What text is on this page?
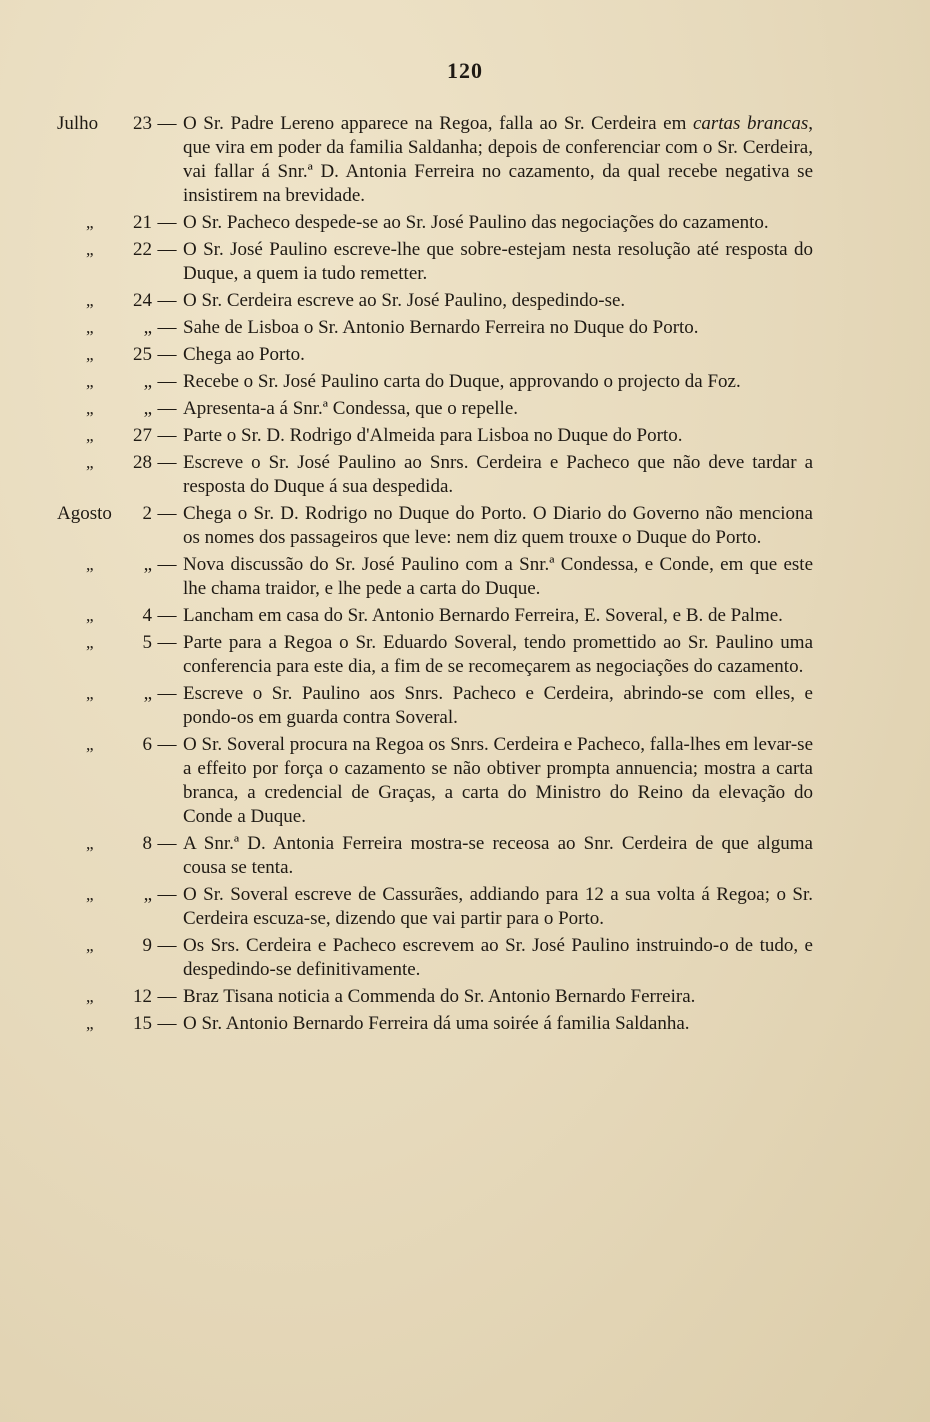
120
Julho	23 — O Sr. Padre Lereno apparece na Regoa, falla ao Sr. Cerdeira em cartas brancas, que vira em poder da familia Saldanha; depois de conferenciar com o Sr. Cerdeira, vai fallar á Snr.ª D. Antonia Ferreira no cazamento, da qual recebe negativa se insistirem na brevidade.
„	21 — O Sr. Pacheco despede-se ao Sr. José Paulino das negociações do cazamento.
„	22 — O Sr. José Paulino escreve-lhe que sobre-estejam nesta resolução até resposta do Duque, a quem ia tudo remetter.
„	24 — O Sr. Cerdeira escreve ao Sr. José Paulino, despedindo-se.
„	„ — Sahe de Lisboa o Sr. Antonio Bernardo Ferreira no Duque do Porto.
„	25 — Chega ao Porto.
„	„ — Recebe o Sr. José Paulino carta do Duque, approvando o projecto da Foz.
„	„ — Apresenta-a á Snr.ª Condessa, que o repelle.
„	27 — Parte o Sr. D. Rodrigo d'Almeida para Lisboa no Duque do Porto.
„	28 — Escreve o Sr. José Paulino ao Snrs. Cerdeira e Pacheco que não deve tardar a resposta do Duque á sua despedida.
Agosto	2 — Chega o Sr. D. Rodrigo no Duque do Porto. O Diario do Governo não menciona os nomes dos passageiros que leve: nem diz quem trouxe o Duque do Porto.
„	„ — Nova discussão do Sr. José Paulino com a Snr.ª Condessa, e Conde, em que este lhe chama traidor, e lhe pede a carta do Duque.
„	4 — Lancham em casa do Sr. Antonio Bernardo Ferreira, E. Soveral, e B. de Palme.
„	5 — Parte para a Regoa o Sr. Eduardo Soveral, tendo promettido ao Sr. Paulino uma conferencia para este dia, a fim de se recomeçarem as negociações do cazamento.
„	„ — Escreve o Sr. Paulino aos Snrs. Pacheco e Cerdeira, abrindo-se com elles, e pondo-os em guarda contra Soveral.
„	6 — O Sr. Soveral procura na Regoa os Snrs. Cerdeira e Pacheco, falla-lhes em levar-se a effeito por força o cazamento se não obtiver prompta annuencia; mostra a carta branca, a credencial de Graças, a carta do Ministro do Reino da elevação do Conde a Duque.
„	8 — A Snr.ª D. Antonia Ferreira mostra-se receosa ao Snr. Cerdeira de que alguma cousa se tenta.
„	„ — O Sr. Soveral escreve de Cassurães, addiando para 12 a sua volta á Regoa; o Sr. Cerdeira escuza-se, dizendo que vai partir para o Porto.
„	9 — Os Srs. Cerdeira e Pacheco escrevem ao Sr. José Paulino instruindo-o de tudo, e despedindo-se definitivamente.
„	12 — Braz Tisana noticia a Commenda do Sr. Antonio Bernardo Ferreira.
„	15 — O Sr. Antonio Bernardo Ferreira dá uma soirée á familia Saldanha.
